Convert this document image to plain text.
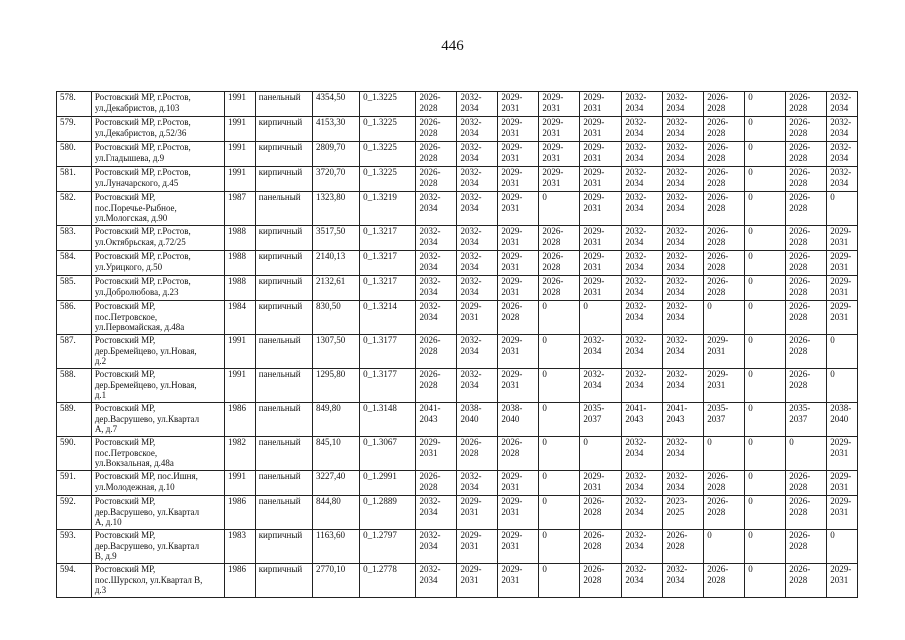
446
578.	Ростовский МР, г.Ростов,
ул.Декабристов, д.103	1991	панельный	4354,50	0_1.3225	2026-
2028	2032-
2034	2029-
2031	2029-
2031	2029-
2031	2032-
2034	2032-
2034	2026-
2028	0	2026-
2028	2032-
2034
579.	Ростовский МР, г.Ростов,
ул.Декабристов, д.52/36	1991	кирпичный	4153,30	0_1.3225	2026-
2028	2032-
2034	2029-
2031	2029-
2031	2029-
2031	2032-
2034	2032-
2034	2026-
2028	0	2026-
2028	2032-
2034
580.	Ростовский МР, г.Ростов,
ул.Гладышева, д.9	1991	кирпичный	2809,70	0_1.3225	2026-
2028	2032-
2034	2029-
2031	2029-
2031	2029-
2031	2032-
2034	2032-
2034	2026-
2028	0	2026-
2028	2032-
2034
581.	Ростовский МР, г.Ростов,
ул.Луначарского, д.45	1991	кирпичный	3720,70	0_1.3225	2026-
2028	2032-
2034	2029-
2031	2029-
2031	2029-
2031	2032-
2034	2032-
2034	2026-
2028	0	2026-
2028	2032-
2034
582.	Ростовский МР,
пос.Поречье-Рыбное,
ул.Мологская, д.90	1987	панельный	1323,80	0_1.3219	2032-
2034	2032-
2034	2029-
2031	0	2029-
2031	2032-
2034	2032-
2034	2026-
2028	0	2026-
2028	0
583.	Ростовский МР, г.Ростов,
ул.Октябрьская, д.72/25	1988	кирпичный	3517,50	0_1.3217	2032-
2034	2032-
2034	2029-
2031	2026-
2028	2029-
2031	2032-
2034	2032-
2034	2026-
2028	0	2026-
2028	2029-
2031
584.	Ростовский МР, г.Ростов,
ул.Урицкого, д.50	1988	кирпичный	2140,13	0_1.3217	2032-
2034	2032-
2034	2029-
2031	2026-
2028	2029-
2031	2032-
2034	2032-
2034	2026-
2028	0	2026-
2028	2029-
2031
585.	Ростовский МР, г.Ростов,
ул.Добролюбова, д.23	1988	кирпичный	2132,61	0_1.3217	2032-
2034	2032-
2034	2029-
2031	2026-
2028	2029-
2031	2032-
2034	2032-
2034	2026-
2028	0	2026-
2028	2029-
2031
586.	Ростовский МР,
пос.Петровское,
ул.Первомайская, д.48а	1984	кирпичный	830,50	0_1.3214	2032-
2034	2029-
2031	2026-
2028	0	0	2032-
2034	2032-
2034	0	0	2026-
2028	2029-
2031
587.	Ростовский МР,
дер.Бремейцево, ул.Новая,
д.2	1991	панельный	1307,50	0_1.3177	2026-
2028	2032-
2034	2029-
2031	0	2032-
2034	2032-
2034	2032-
2034	2029-
2031	0	2026-
2028	0
588.	Ростовский МР,
дер.Бремейцево, ул.Новая,
д.1	1991	панельный	1295,80	0_1.3177	2026-
2028	2032-
2034	2029-
2031	0	2032-
2034	2032-
2034	2032-
2034	2029-
2031	0	2026-
2028	0
589.	Ростовский МР,
дер.Васрушево, ул.Квартал
А, д.7	1986	панельный	849,80	0_1.3148	2041-
2043	2038-
2040	2038-
2040	0	2035-
2037	2041-
2043	2041-
2043	2035-
2037	0	2035-
2037	2038-
2040
590.	Ростовский МР,
пос.Петровское,
ул.Вокзальная, д.48а	1982	панельный	845,10	0_1.3067	2029-
2031	2026-
2028	2026-
2028	0	0	2032-
2034	2032-
2034	0	0	0	2029-
2031
591.	Ростовский МР, пос.Ишня,
ул.Молодежная, д.10	1991	панельный	3227,40	0_1.2991	2026-
2028	2032-
2034	2029-
2031	0	2029-
2031	2032-
2034	2032-
2034	2026-
2028	0	2026-
2028	2029-
2031
592.	Ростовский МР,
дер.Васрушево, ул.Квартал
А, д.10	1986	панельный	844,80	0_1.2889	2032-
2034	2029-
2031	2029-
2031	0	2026-
2028	2032-
2034	2023-
2025	2026-
2028	0	2026-
2028	2029-
2031
593.	Ростовский МР,
дер.Васрушево, ул.Квартал
В, д.9	1983	кирпичный	1163,60	0_1.2797	2032-
2034	2029-
2031	2029-
2031	0	2026-
2028	2032-
2034	2026-
2028	0	0	2026-
2028	0
594.	Ростовский МР,
пос.Шурскол, ул.Квартал В,
д.3	1986	кирпичный	2770,10	0_1.2778	2032-
2034	2029-
2031	2029-
2031	0	2026-
2028	2032-
2034	2032-
2034	2026-
2028	0	2026-
2028	2029-
2031
